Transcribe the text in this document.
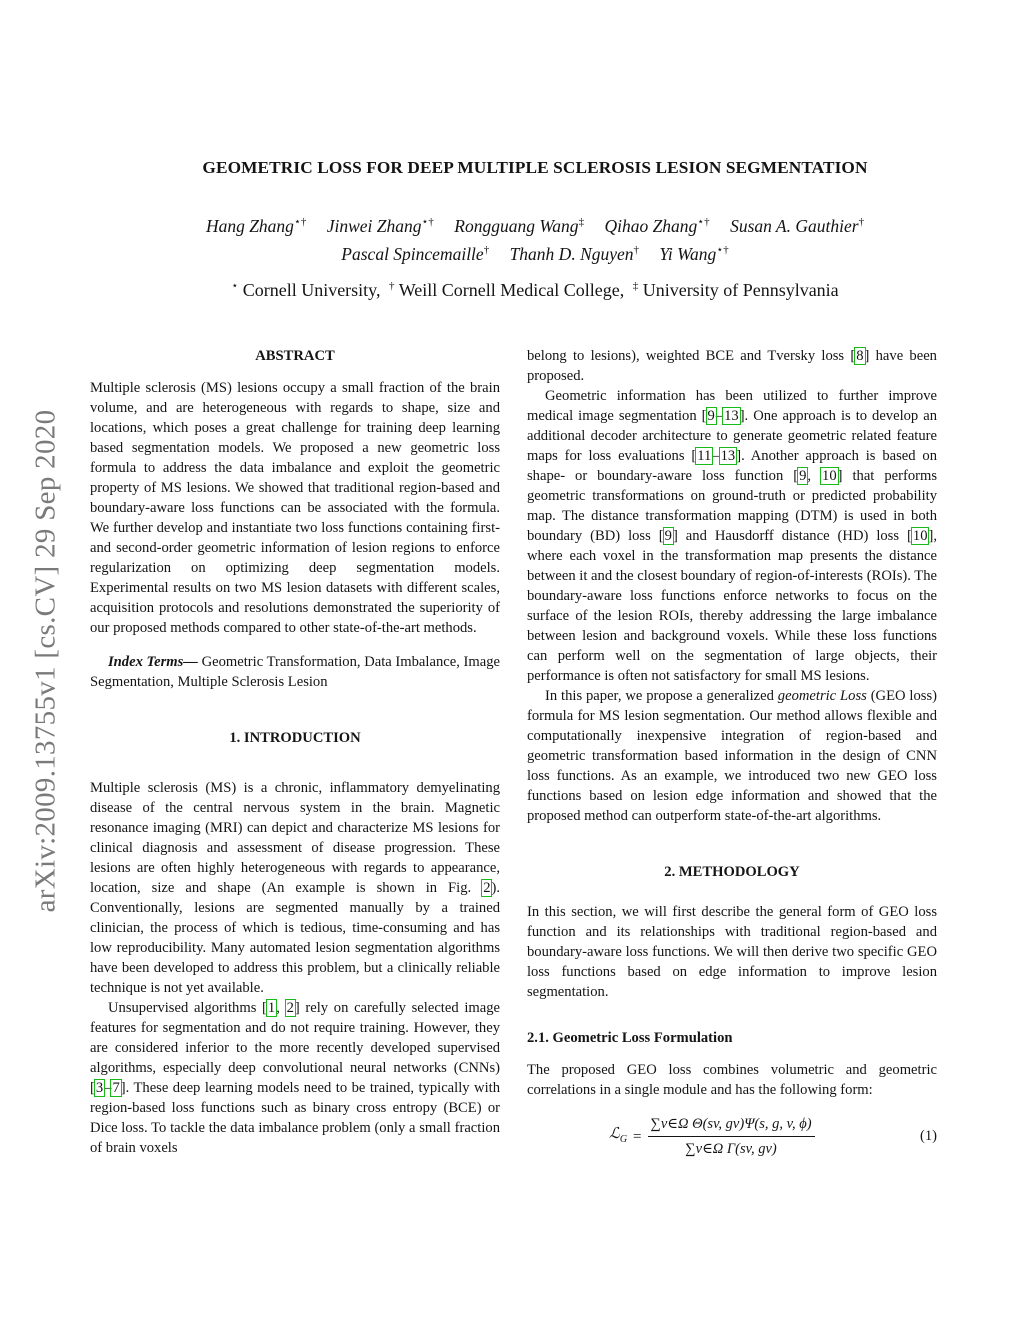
arXiv:2009.13755v1 [cs.CV] 29 Sep 2020
GEOMETRIC LOSS FOR DEEP MULTIPLE SCLEROSIS LESION SEGMENTATION
Hang Zhang⋆† Jinwei Zhang⋆† Rongguang Wang‡ Qihao Zhang⋆† Susan A. Gauthier†
Pascal Spincemaille† Thanh D. Nguyen† Yi Wang⋆†
⋆ Cornell University, † Weill Cornell Medical College, ‡ University of Pennsylvania
ABSTRACT

Multiple sclerosis (MS) lesions occupy a small fraction of the brain volume, and are heterogeneous with regards to shape, size and locations, which poses a great challenge for training deep learning based segmentation models. We proposed a new geometric loss formula to address the data imbalance and exploit the geometric property of MS lesions. We showed that traditional region-based and boundary-aware loss functions can be associated with the formula. We further develop and instantiate two loss functions containing first- and second-order geometric information of lesion regions to enforce regularization on optimizing deep segmentation models. Experimental results on two MS lesion datasets with different scales, acquisition protocols and resolutions demonstrated the superiority of our proposed methods compared to other state-of-the-art methods.

Index Terms— Geometric Transformation, Data Imbalance, Image Segmentation, Multiple Sclerosis Lesion

1. INTRODUCTION

Multiple sclerosis (MS) is a chronic, inflammatory demyelinating disease of the central nervous system in the brain. Magnetic resonance imaging (MRI) can depict and characterize MS lesions for clinical diagnosis and assessment of disease progression. These lesions are often highly heterogeneous with regards to appearance, location, size and shape (An example is shown in Fig. 2). Conventionally, lesions are segmented manually by a trained clinician, the process of which is tedious, time-consuming and has low reproducibility. Many automated lesion segmentation algorithms have been developed to address this problem, but a clinically reliable technique is not yet available.

Unsupervised algorithms [1, 2] rely on carefully selected image features for segmentation and do not require training. However, they are considered inferior to the more recently developed supervised algorithms, especially deep convolutional neural networks (CNNs) [3–7]. These deep learning models need to be trained, typically with region-based loss functions such as binary cross entropy (BCE) or Dice loss. To tackle the data imbalance problem (only a small fraction of brain voxels

belong to lesions), weighted BCE and Tversky loss [8] have been proposed.

Geometric information has been utilized to further improve medical image segmentation [9–13]. One approach is to develop an additional decoder architecture to generate geometric related feature maps for loss evaluations [11–13]. Another approach is based on shape- or boundary-aware loss function [9, 10] that performs geometric transformations on ground-truth or predicted probability map. The distance transformation mapping (DTM) is used in both boundary (BD) loss [9] and Hausdorff distance (HD) loss [10], where each voxel in the transformation map presents the distance between it and the closest boundary of region-of-interests (ROIs). The boundary-aware loss functions enforce networks to focus on the surface of the lesion ROIs, thereby addressing the large imbalance between lesion and background voxels. While these loss functions can perform well on the segmentation of large objects, their performance is often not satisfactory for small MS lesions.

In this paper, we propose a generalized geometric Loss (GEO loss) formula for MS lesion segmentation. Our method allows flexible and computationally inexpensive integration of region-based and geometric transformation based information in the design of CNN loss functions. As an example, we introduced two new GEO loss functions based on lesion edge information and showed that the proposed method can outperform state-of-the-art algorithms.

2. METHODOLOGY

In this section, we will first describe the general form of GEO loss function and its relationships with traditional region-based and boundary-aware loss functions. We will then derive two specific GEO loss functions based on edge information to improve lesion segmentation.

2.1. Geometric Loss Formulation

The proposed GEO loss combines volumetric and geometric correlations in a single module and has the following form:

ℒ$_G$ = $\frac{\text{∑v∈Ω Θ(sv, gv)Ψ(s, g, v, ϕ)}}{\text{∑v∈Ω Γ(sv, gv)}}$	(1)
